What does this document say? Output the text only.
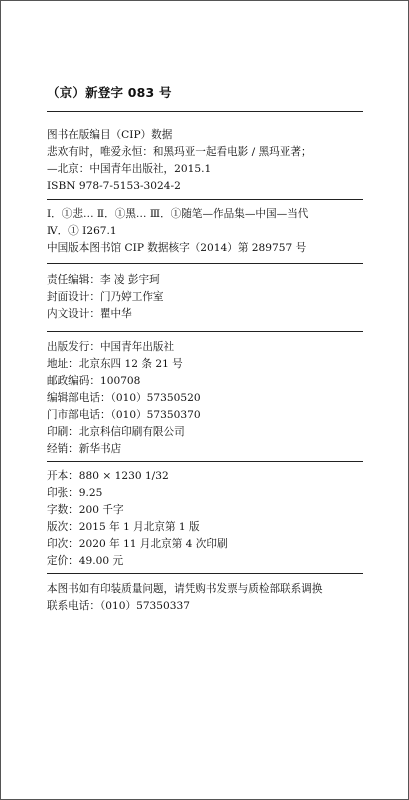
（京）新登字 083 号
图书在版编目（CIP）数据
悲欢有时，唯爱永恒：和黑玛亚一起看电影 / 黑玛亚著；
—北京：中国青年出版社，2015.1
ISBN 978-7-5153-3024-2
Ⅰ．①悲… Ⅱ．①黑… Ⅲ．①随笔—作品集—中国—当代
Ⅳ．① I267.1
中国版本图书馆 CIP 数据核字（2014）第 289757 号
责任编辑：李 凌 彭宇珂
封面设计：门乃婷工作室
内文设计：瞿中华
出版发行：中国青年出版社
地址：北京东四 12 条 21 号
邮政编码：100708
编辑部电话：（010）57350520
门市部电话：（010）57350370
印刷：北京科信印刷有限公司
经销：新华书店
开本：880 × 1230 1/32
印张：9.25
字数：200 千字
版次：2015 年 1 月北京第 1 版
印次：2020 年 11 月北京第 4 次印刷
定价：49.00 元
本图书如有印装质量问题，请凭购书发票与质检部联系调换
联系电话：（010）57350337
